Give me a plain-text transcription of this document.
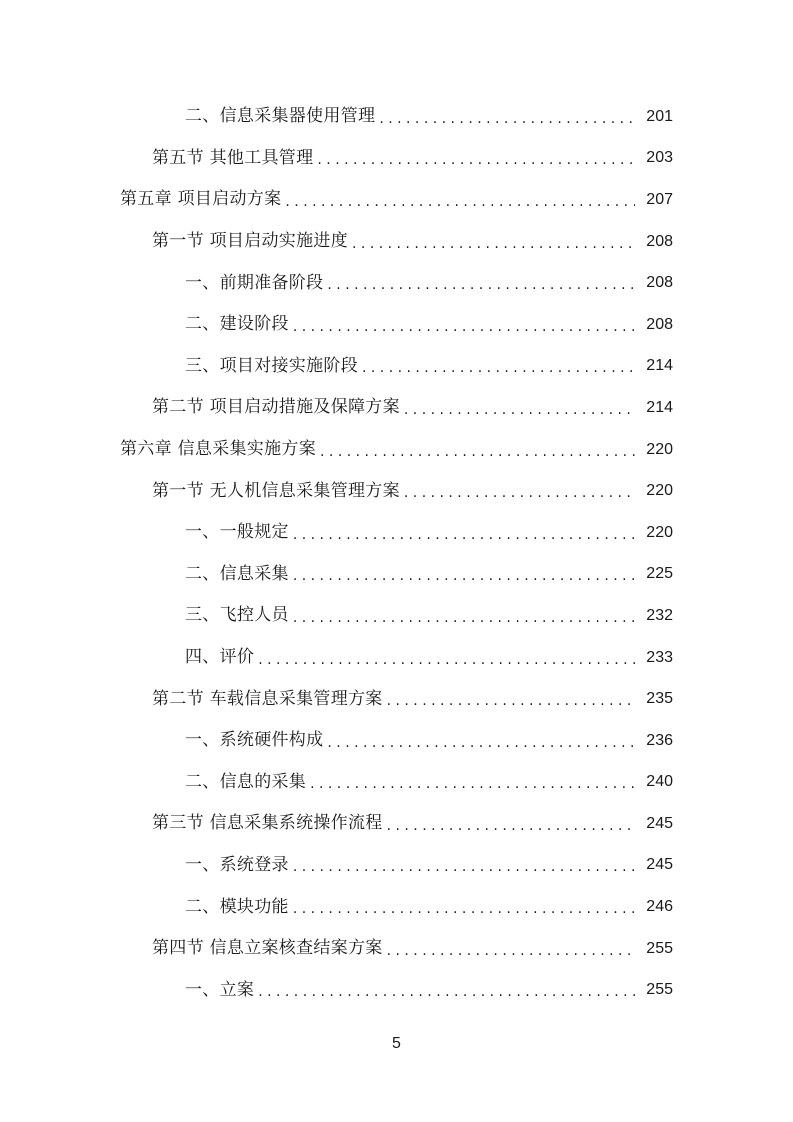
二、信息采集器使用管理 . . .	201
第五节 其他工具管理 . . .	203
第五章 项目启动方案 . . .	207
第一节 项目启动实施进度 . . .	208
一、前期准备阶段 . . .	208
二、建设阶段 . . .	208
三、项目对接实施阶段 . . .	214
第二节 项目启动措施及保障方案 . . .	214
第六章 信息采集实施方案 . . .	220
第一节 无人机信息采集管理方案 . . .	220
一、一般规定 . . .	220
二、信息采集 . . .	225
三、飞控人员 . . .	232
四、评价 . . .	233
第二节 车载信息采集管理方案 . . .	235
一、系统硬件构成 . . .	236
二、信息的采集 . . .	240
第三节 信息采集系统操作流程 . . .	245
一、系统登录 . . .	245
二、模块功能 . . .	246
第四节 信息立案核查结案方案 . . .	255
一、立案 . . .	255
5
